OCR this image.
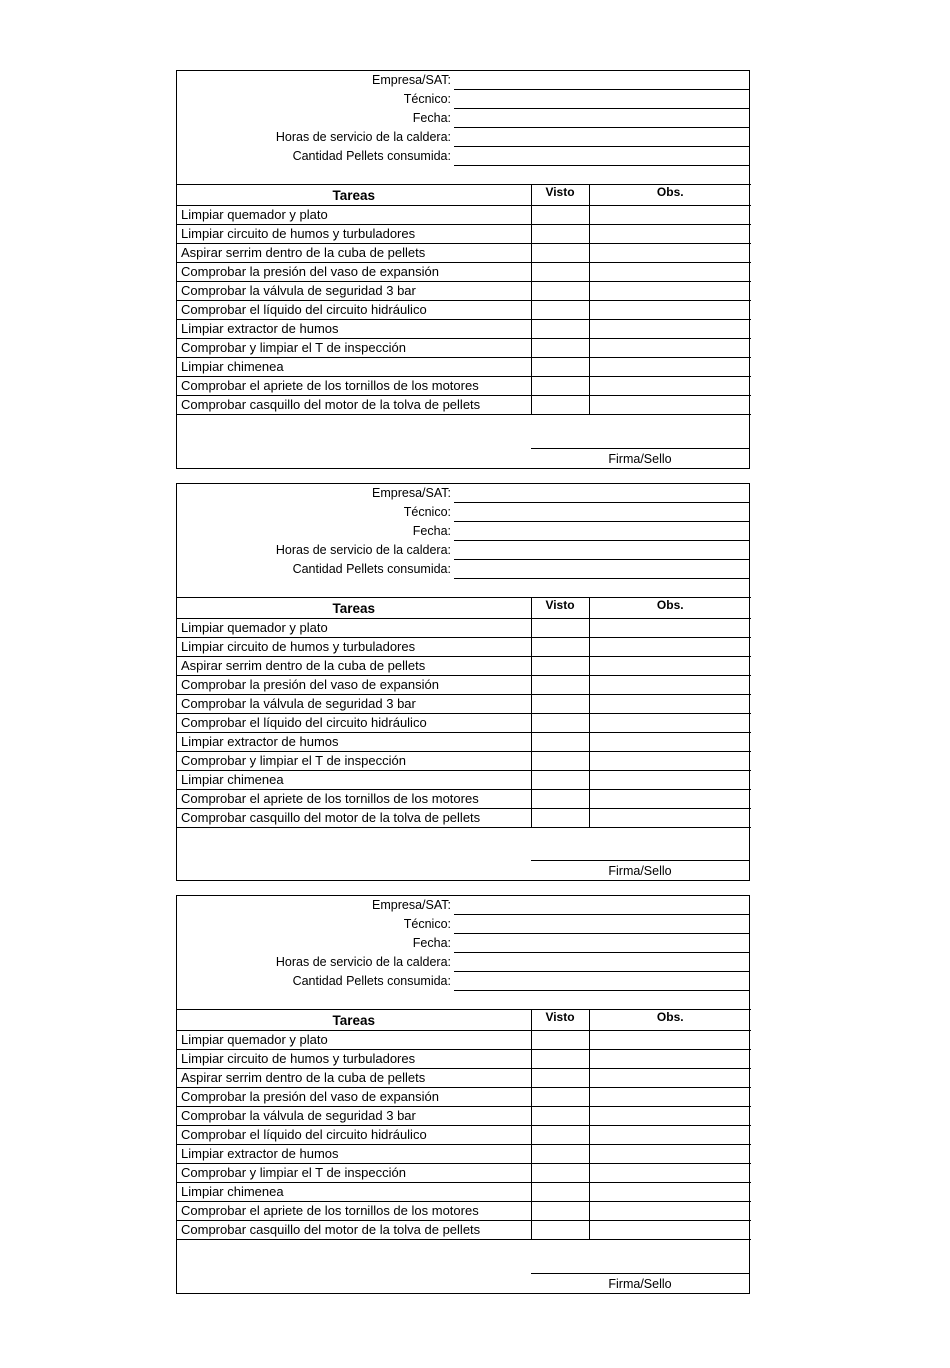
Empresa/SAT:
Técnico:
Fecha:
Horas de servicio de la caldera:
Cantidad Pellets consumida:
Tareas	Visto	Obs.
Limpiar quemador y plato		
Limpiar circuito de humos y turbuladores		
Aspirar serrim dentro de la cuba de pellets		
Comprobar la presión del vaso de expansión		
Comprobar la válvula de seguridad 3 bar		
Comprobar el líquido del circuito hidráulico		
Limpiar extractor de humos		
Comprobar y limpiar el T de inspección		
Limpiar chimenea		
Comprobar el apriete de los tornillos de los motores		
Comprobar casquillo del motor de la tolva de pellets		
Firma/Sello
Empresa/SAT:
Técnico:
Fecha:
Horas de servicio de la caldera:
Cantidad Pellets consumida:
Tareas	Visto	Obs.
Limpiar quemador y plato		
Limpiar circuito de humos y turbuladores		
Aspirar serrim dentro de la cuba de pellets		
Comprobar la presión del vaso de expansión		
Comprobar la válvula de seguridad 3 bar		
Comprobar el líquido del circuito hidráulico		
Limpiar extractor de humos		
Comprobar y limpiar el T de inspección		
Limpiar chimenea		
Comprobar el apriete de los tornillos de los motores		
Comprobar casquillo del motor de la tolva de pellets		
Firma/Sello
Empresa/SAT:
Técnico:
Fecha:
Horas de servicio de la caldera:
Cantidad Pellets consumida:
Tareas	Visto	Obs.
Limpiar quemador y plato		
Limpiar circuito de humos y turbuladores		
Aspirar serrim dentro de la cuba de pellets		
Comprobar la presión del vaso de expansión		
Comprobar la válvula de seguridad 3 bar		
Comprobar el líquido del circuito hidráulico		
Limpiar extractor de humos		
Comprobar y limpiar el T de inspección		
Limpiar chimenea		
Comprobar el apriete de los tornillos de los motores		
Comprobar casquillo del motor de la tolva de pellets		
Firma/Sello
